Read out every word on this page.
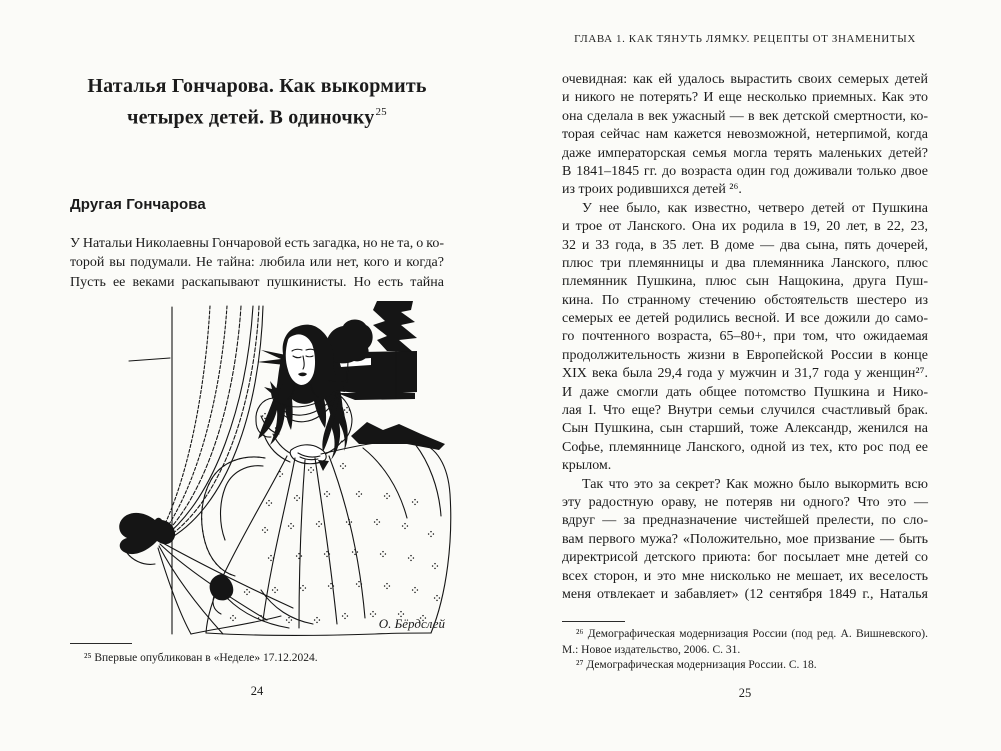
Наталья Гончарова. Как выкормить
четырех детей. В одиночку$^{25}$
Другая Гончарова
У Натальи Николаевны Гончаровой есть загадка, но не та, о ко-
торой вы подумали. Не тайна: любила или нет, кого и когда?
Пусть ее веками раскапывают пушкинисты. Но есть тайна
О. Бёрдслей
²⁵ Впервые опубликован в «Неделе» 17.12.2024.
24
ГЛАВА 1. КАК ТЯНУТЬ ЛЯМКУ. РЕЦЕПТЫ ОТ ЗНАМЕНИТЫХ
очевидная: как ей удалось вырастить своих семерых детей
и никого не потерять? И еще несколько приемных. Как это
она сделала в век ужасный — в век детской смертности, ко-
торая сейчас нам кажется невозможной, нетерпимой, когда
даже императорская семья могла терять маленьких детей?
В 1841–1845 гг. до возраста один год доживали только двое
из троих родившихся детей ²⁶.
У нее было, как известно, четверо детей от Пушкина
и трое от Ланского. Она их родила в 19, 20 лет, в 22, 23,
32 и 33 года, в 35 лет. В доме — два сына, пять дочерей,
плюс три племянницы и два племянника Ланского, плюс
племянник Пушкина, плюс сын Нащокина, друга Пуш-
кина. По странному стечению обстоятельств шестеро из
семерых ее детей родились весной. И все дожили до само-
го почтенного возраста, 65–80+, при том, что ожидаемая
продолжительность жизни в Европейской России в конце
XIX века была 29,4 года у мужчин и 31,7 года у женщин²⁷.
И даже смогли дать общее потомство Пушкина и Нико-
лая I. Что еще? Внутри семьи случился счастливый брак.
Сын Пушкина, сын старший, тоже Александр, женился на
Софье, племяннице Ланского, одной из тех, кто рос под ее
крылом.
Так что это за секрет? Как можно было выкормить всю
эту радостную ораву, не потеряв ни одного? Что это —
вдруг — за предназначение чистейшей прелести, по сло-
вам первого мужа? «Положительно, мое призвание — быть
директрисой детского приюта: бог посылает мне детей со
всех сторон, и это мне нисколько не мешает, их веселость
меня отвлекает и забавляет» (12 сентября 1849 г., Наталья
²⁶ Демографическая модернизация России (под ред. А. Вишневского).
М.: Новое издательство, 2006. С. 31.
²⁷ Демографическая модернизация России. С. 18.
25
